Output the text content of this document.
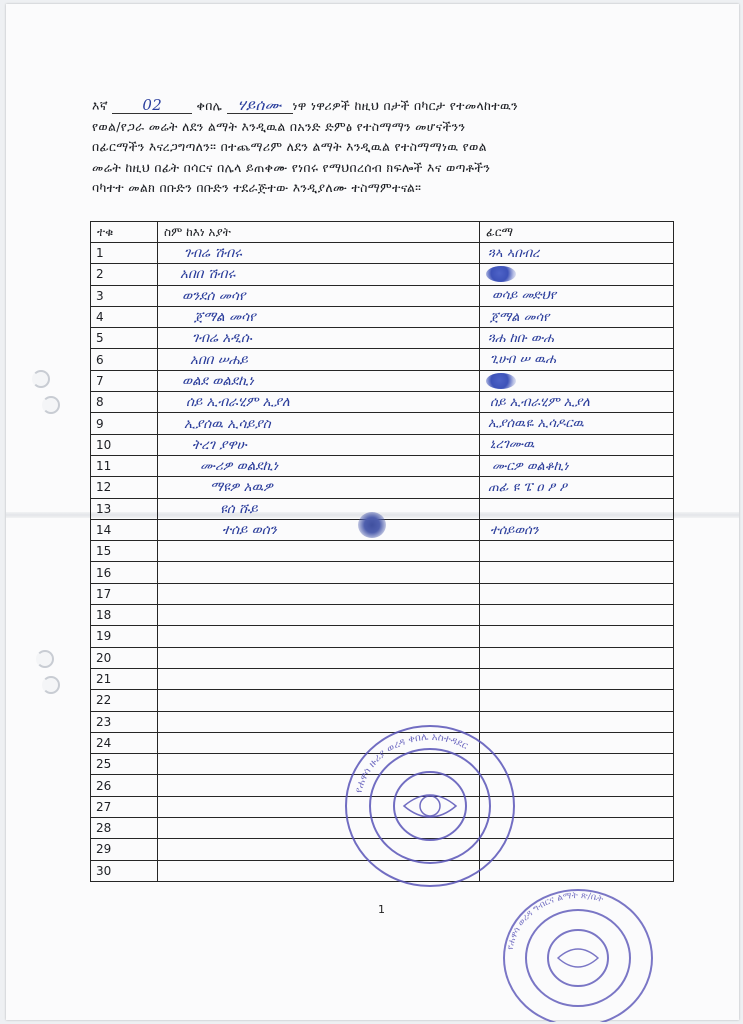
እኛ 02	ቀበሌ ሃይሰሙ ነዋ ነዋሪዎች ከዚህ በታች በካርታ የተመላከተዉን
የወል/የጋራ መሬት ለደን ልማት እንዲዉል በአንድ ድምፅ የተስማማን መሆናችንን
በፊርማችን እናረጋግጣለን። በተጨማሪም ለደን ልማት እንዲዉል የተስማማነዉ የወል
መሬት ከዚህ በፊት በሳርና በሌላ ይጠቀሙ የነበሩ የማህበረሰብ ክፍሎች እና ወጣቶችን
ባካተተ መልክ በቡድን በቡድን ተደራጅተው እንዲያለሙ ተስማምተናል።
ተቁ	ስም ከእነ አያት	ፊርማ
1	ገብሬ ሽብሩ	ጓኣ ኣበብረ
2	አበበ ሽብሩ	
3	ወንደሰ መሳየ	ወሳይ መድህየ
4	ጀማል መሳየ	ጀማል መሳየ
5	ገብሬ አዲሱ	ጓሐ ከቡ ውሐ
6	አበበ ሠሐይ	ጊሁበ ሠ ዉሐ
7	ወልደ ወልደኪነ	
8	ሰይ ኢብራሂም ኢያለ	ሰይ ኢብራሂም ኢያለ
9	ኢያሰዉ ኢሳይያስ	ኢያሰዉዬ ኢሳዶርዉ
10	ትረገ ያዋሁ	ኒረገሙዉ
11	ሙሪዎ ወልደኪነ	ሙርዎ ወልቆኪነ
12	ማዩዎ አዉዎ	ጠፊ ዩ ፔ ዐ ፆ ዖ
13	ዩሰ ሹይ	
14	ተሰይ ወሰን	ተሰይወሰን
15		
16		
17		
18		
19		
20		
21		
22		
23		
24		
25		
26		
27		
28		
29		
30		
የሐዋሳ ዙሪያ ወረዳ ቀበሌ አስተዳደር
የሐዋሳ ወረዳ ግብርና ልማት ጽ/ቤት
1
